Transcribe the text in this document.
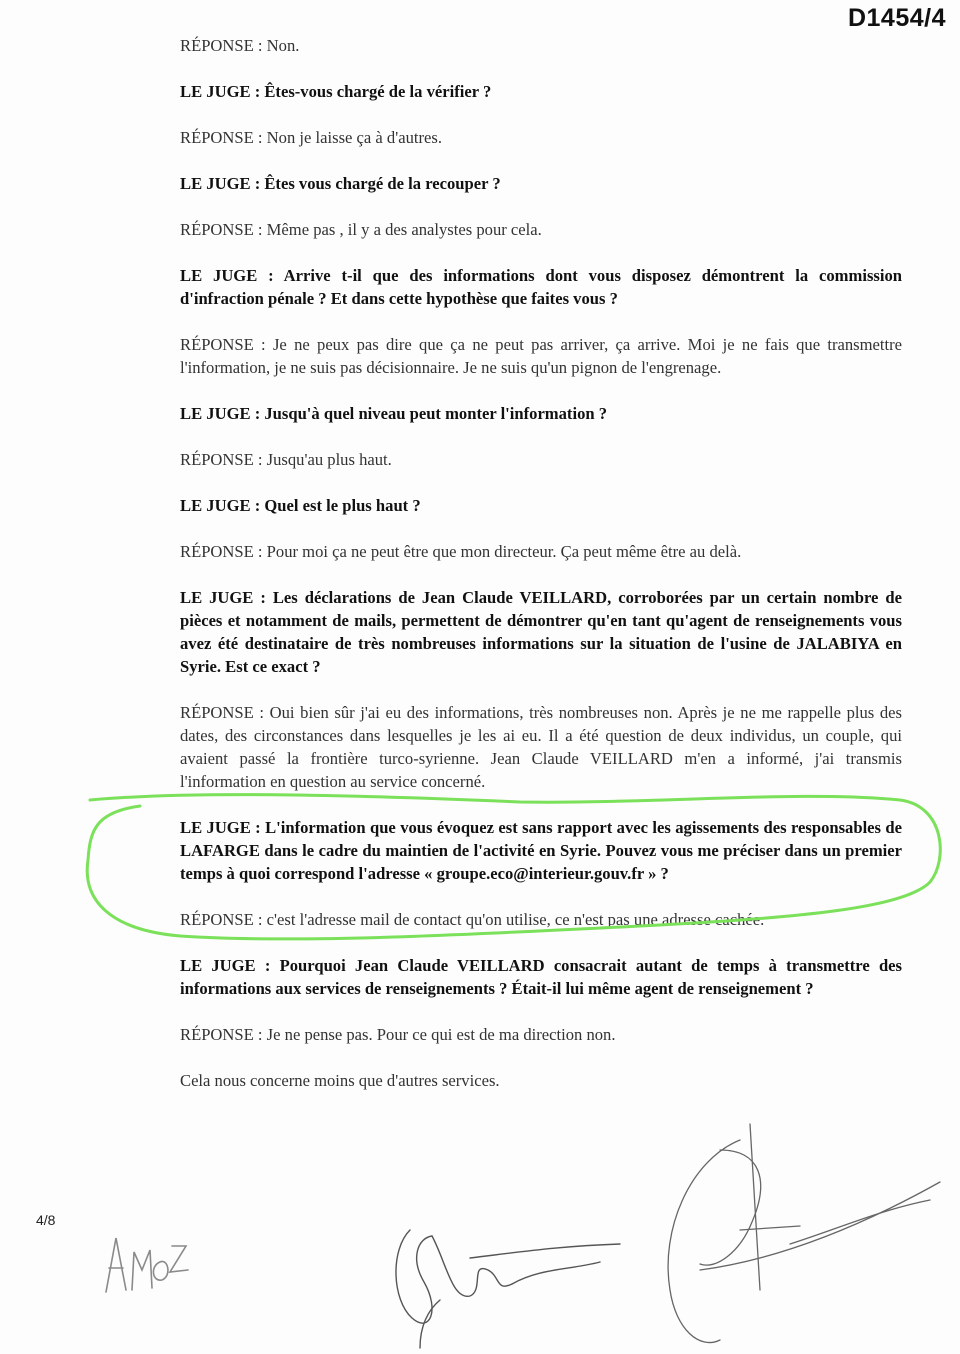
D1454/4

RÉPONSE : Non.

LE JUGE : Êtes-vous chargé de la vérifier ?

RÉPONSE : Non je laisse ça à d'autres.

LE JUGE : Êtes vous chargé de la recouper ?

RÉPONSE : Même pas , il y a des analystes pour cela.

LE JUGE : Arrive t-il que des informations dont vous disposez démontrent la commission d'infraction pénale ? Et dans cette hypothèse que faites vous ?

RÉPONSE : Je ne peux pas dire que ça ne peut pas arriver, ça arrive. Moi je ne fais que transmettre l'information, je ne suis pas décisionnaire. Je ne suis qu'un pignon de l'engrenage.

LE JUGE : Jusqu'à quel niveau peut monter l'information ?

RÉPONSE : Jusqu'au plus haut.

LE JUGE : Quel est le plus haut ?

RÉPONSE : Pour moi ça ne peut être que mon directeur. Ça peut même être au delà.

LE JUGE : Les déclarations de Jean Claude VEILLARD, corroborées par un certain nombre de pièces et notamment de mails, permettent de démontrer qu'en tant qu'agent de renseignements vous avez été destinataire de très nombreuses informations sur la situation de l'usine de JALABIYA en Syrie. Est ce exact ?

RÉPONSE : Oui bien sûr j'ai eu des informations, très nombreuses non. Après je ne me rappelle plus des dates, des circonstances dans lesquelles je les ai eu. Il a été question de deux individus, un couple, qui avaient passé la frontière turco-syrienne. Jean Claude VEILLARD m'en a informé, j'ai transmis l'information en question au service concerné.

LE JUGE : L'information que vous évoquez est sans rapport avec les agissements des responsables de LAFARGE dans le cadre du maintien de l'activité en Syrie. Pouvez vous me préciser dans un premier temps à quoi correspond l'adresse « groupe.eco@interieur.gouv.fr » ?

RÉPONSE : c'est l'adresse mail de contact qu'on utilise, ce n'est pas une adresse cachée.

LE JUGE : Pourquoi Jean Claude VEILLARD consacrait autant de temps à transmettre des informations aux services de renseignements ? Était-il lui même agent de renseignement ?

RÉPONSE : Je ne pense pas. Pour ce qui est de ma direction non.

Cela nous concerne moins que d'autres services.

4/8
